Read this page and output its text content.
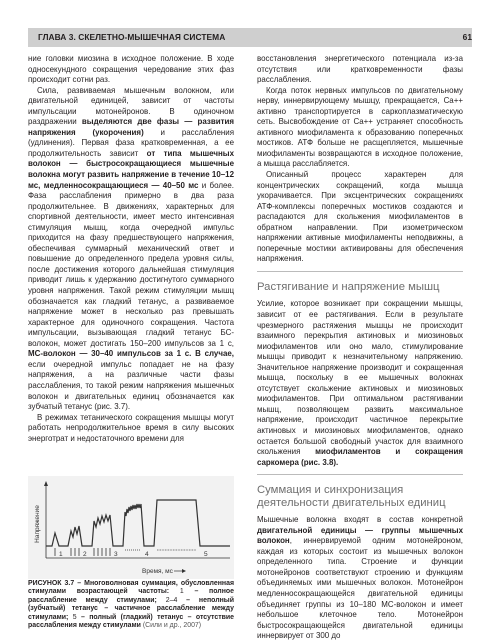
ГЛАВА 3. СКЕЛЕТНО-МЫШЕЧНАЯ СИСТЕМА	61

ние головки миозина в исходное положение. В ходе односекундного сокращения чередование этих фаз происходит сотни раз.

Сила, развиваемая мышечным волокном, или двигательной единицей, зависит от частоты импульсации мотонейронов. В одиночном раздражении выделяются две фазы — развития напряжения (укорочения) и расслабления (удлинения). Первая фаза кратковременная, а ее продолжительность зависит от типа мышечных волокон — быстросокращающиеся мышечные волокна могут развить напряжение в течение 10–12 мс, медленносокращающиеся — 40–50 мс и более. Фаза расслабления примерно в два раза продолжительнее. В движениях, характерных для спортивной деятельности, имеет место интенсивная стимуляция мышц, когда очередной импульс приходится на фазу предшествующего напряжения, обеспечивая суммарный механический ответ и повышение до определенного предела уровня силы, после достижения которого дальнейшая стимуляция приводит лишь к удержанию достигнутого суммарного уровня напряжения. Такой режим стимуляции мышц обозначается как гладкий тетанус, а развиваемое напряжение может в несколько раз превышать характерное для одиночного сокращения. Частота импульсации, вызывающая гладкий тетанус БС-волокон, может достигать 150–200 импульсов за 1 с, МС-волокон — 30–40 импульсов за 1 с. В случае, если очередной импульс попадает не на фазу напряжения, а на различные части фазы расслабления, то такой режим напряжения мышечных волокон и двигательных единиц обозначается как зубчатый тетанус (рис. 3.7).

В режимах тетанического сокращения мышцы могут работать непродолжительное время в силу высоких энерготрат и недостаточного времени для

Напряжение
Время, мс
1	2	3	4	5
РИСУНОК 3.7 – Многоволновая суммация, обусловленная стимулами возрастающей частоты: 1 – полное расслабление между стимулами; 2–4 – неполный (зубчатый) тетанус – частичное расслабление между стимулами; 5 – полный (гладкий) тетанус – отсутствие расслабления между стимулами (Сили и др., 2007)

восстановления энергетического потенциала из-за отсутствия или кратковременности фазы расслабления.

Когда поток нервных импульсов по двигательному нерву, иннервирующему мышцу, прекращается, Ca++ активно транспортируется в саркоплазматическую сеть. Высвобождение от Ca++ устраняет способность активного миофиламента к образованию поперечных мостиков. АТФ больше не расщепляется, мышечные миофиламенты возвращаются в исходное положение, а мышца расслабляется.

Описанный процесс характерен для концентрических сокращений, когда мышца укорачивается. При эксцентрических сокращениях АТФ-комплексы поперечных мостиков создаются и распадаются для скольжения миофиламентов в обратном направлении. При изометрическом напряжении активные миофиламенты неподвижны, а поперечные мостики активированы для обеспечения напряжения.

Растягивание и напряжение мышц

Усилие, которое возникает при сокращении мышцы, зависит от ее растягивания. Если в результате чрезмерного растяжения мышцы не происходит взаимного перекрытия актиновых и миозиновых миофиламентов или оно мало, стимулирование мышцы приводит к незначительному напряжению. Значительное напряжение производит и сокращенная мышца, поскольку в ее мышечных волокнах отсутствует скольжение актиновых и миозиновых миофиламентов. При оптимальном растягивании мышц, позволяющем развить максимальное напряжение, происходит частичное перекрытие актиновых и миозиновых миофиламентов, однако остается большой свободный участок для взаимного скольжения миофиламентов и сокращения саркомера (рис. 3.8).

Суммация и синхронизация деятельности двигательных единиц

Мышечные волокна входят в состав конкретной двигательной единицы — группы мышечных волокон, иннервируемой одним мотонейроном, каждая из которых состоит из мышечных волокон определенного типа. Строение и функции мотонейронов соответствуют строению и функциям объединяемых ими мышечных волокон. Мотонейрон медленносокращающейся двигательной единицы объединяет группы из 10–180 МС-волокон и имеет небольшое клеточное тело. Мотонейрон быстросокращающейся двигательной единицы иннервирует от 300 до
